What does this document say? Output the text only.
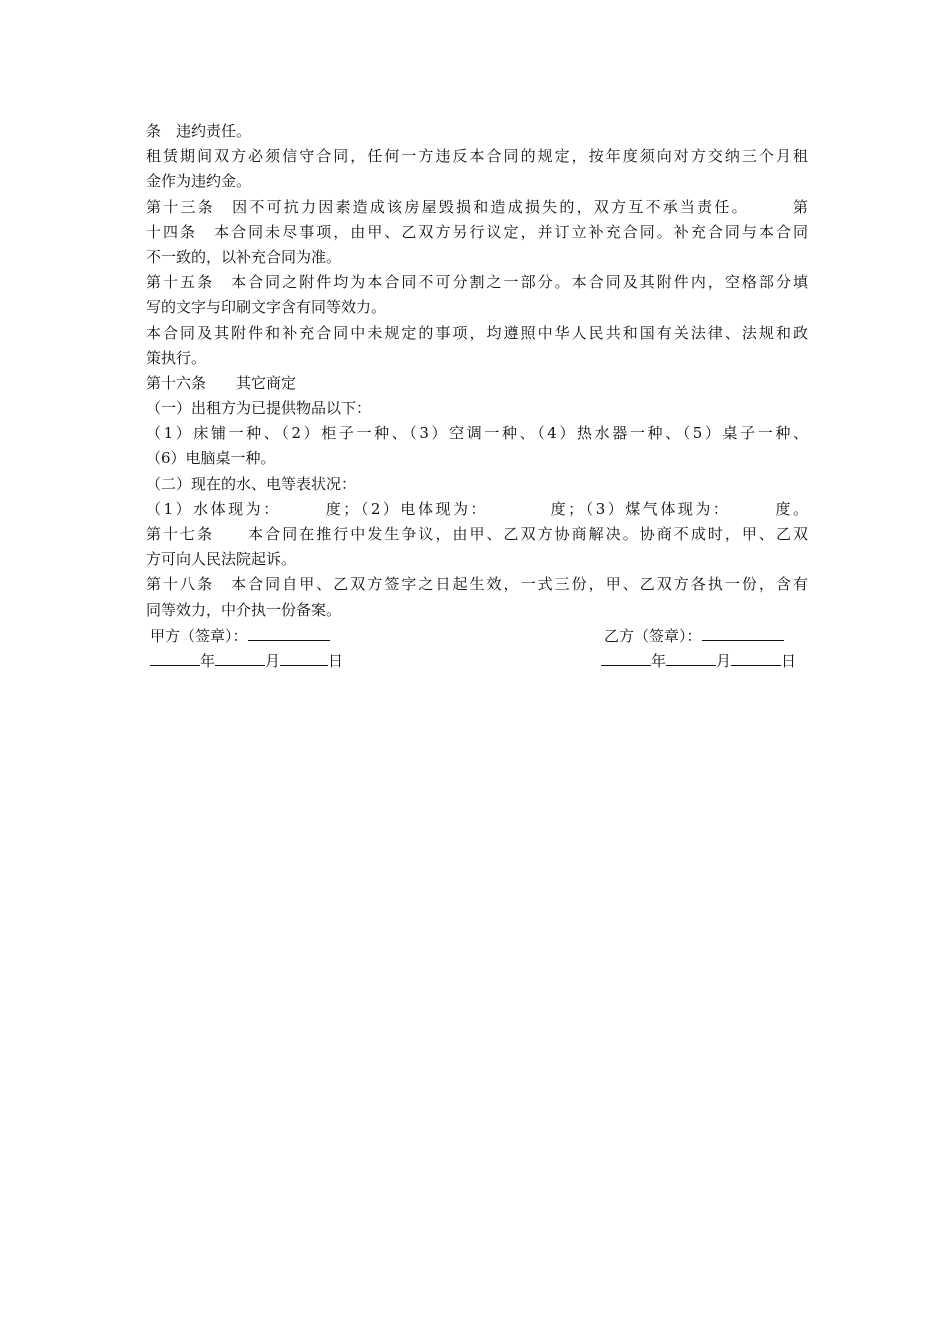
条　违约责任。
租赁期间双方必须信守合同，任何一方违反本合同的规定，按年度须向对方交纳三个月租
金作为违约金。
第十三条　因不可抗力因素造成该房屋毁损和造成损失的，双方互不承当责任。　　　第
十四条　本合同未尽事项，由甲、乙双方另行议定，并订立补充合同。补充合同与本合同
不一致的，以补充合同为准。
第十五条　本合同之附件均为本合同不可分割之一部分。本合同及其附件内，空格部分填
写的文字与印刷文字含有同等效力。
本合同及其附件和补充合同中未规定的事项，均遵照中华人民共和国有关法律、法规和政
策执行。
第十六条　　其它商定
（一）出租方为已提供物品以下：
（1）床铺一种、（2）柜子一种、（3）空调一种、（4）热水器一种、（5）桌子一种、
（6）电脑桌一种。
（二）现在的水、电等表状况：
（1）水体现为：　　　度；（2）电体现为：　　　　度；（3）煤气体现为：　　　度。
第十七条　　本合同在推行中发生争议，由甲、乙双方协商解决。协商不成时，甲、乙双
方可向人民法院起诉。
第十八条　本合同自甲、乙双方签字之日起生效，一式三份，甲、乙双方各执一份，含有
同等效力，中介执一份备案。

甲方（签章）：

	乙方（签章）：

年	月	日

	年	月	日
